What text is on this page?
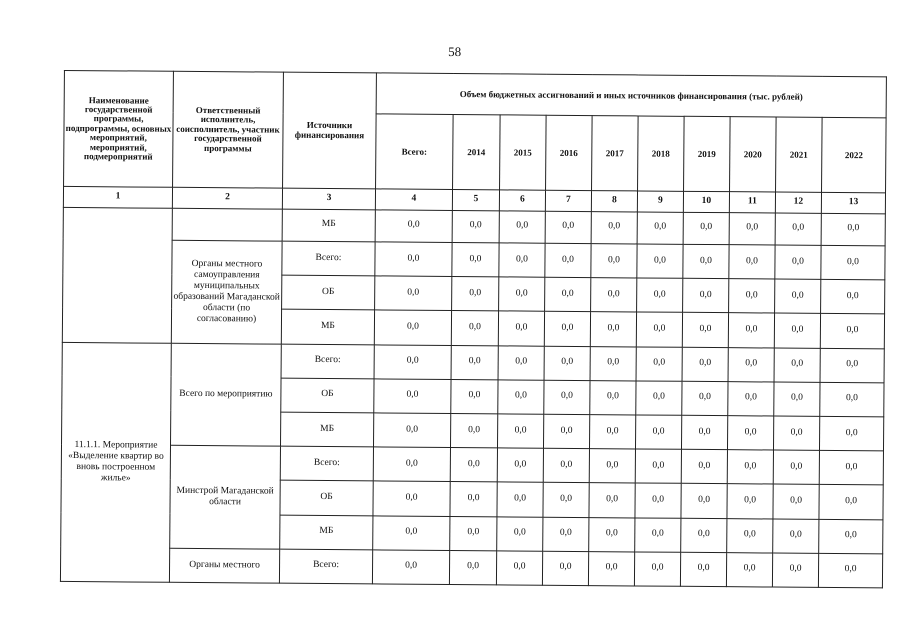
58
Наименование государственной программы, подпрограммы, основных мероприятий, мероприятий, подмероприятий	Ответственный исполнитель, соисполнитель, участник государственной программы	Источники финансирования	Объем бюджетных ассигнований и иных источников финансирования (тыс. рублей)									
			Всего:	2014	2015	2016	2017	2018	2019	2020	2021	2022
1	2	3	4	5	6	7	8	9	10	11	12	13
		МБ	0,0	0,0	0,0	0,0	0,0	0,0	0,0	0,0	0,0	0,0
	Органы местного самоуправления муниципальных образований Магаданской области (по согласованию)	Всего:	0,0	0,0	0,0	0,0	0,0	0,0	0,0	0,0	0,0	0,0
		ОБ	0,0	0,0	0,0	0,0	0,0	0,0	0,0	0,0	0,0	0,0
		МБ	0,0	0,0	0,0	0,0	0,0	0,0	0,0	0,0	0,0	0,0
11.1.1. Мероприятие «Выделение квартир во вновь построенном жилье»	Всего по мероприятию	Всего:	0,0	0,0	0,0	0,0	0,0	0,0	0,0	0,0	0,0	0,0
		ОБ	0,0	0,0	0,0	0,0	0,0	0,0	0,0	0,0	0,0	0,0
		МБ	0,0	0,0	0,0	0,0	0,0	0,0	0,0	0,0	0,0	0,0
	Минстрой Магаданской области	Всего:	0,0	0,0	0,0	0,0	0,0	0,0	0,0	0,0	0,0	0,0
		ОБ	0,0	0,0	0,0	0,0	0,0	0,0	0,0	0,0	0,0	0,0
		МБ	0,0	0,0	0,0	0,0	0,0	0,0	0,0	0,0	0,0	0,0
	Органы местного	Всего:	0,0	0,0	0,0	0,0	0,0	0,0	0,0	0,0	0,0	0,0
